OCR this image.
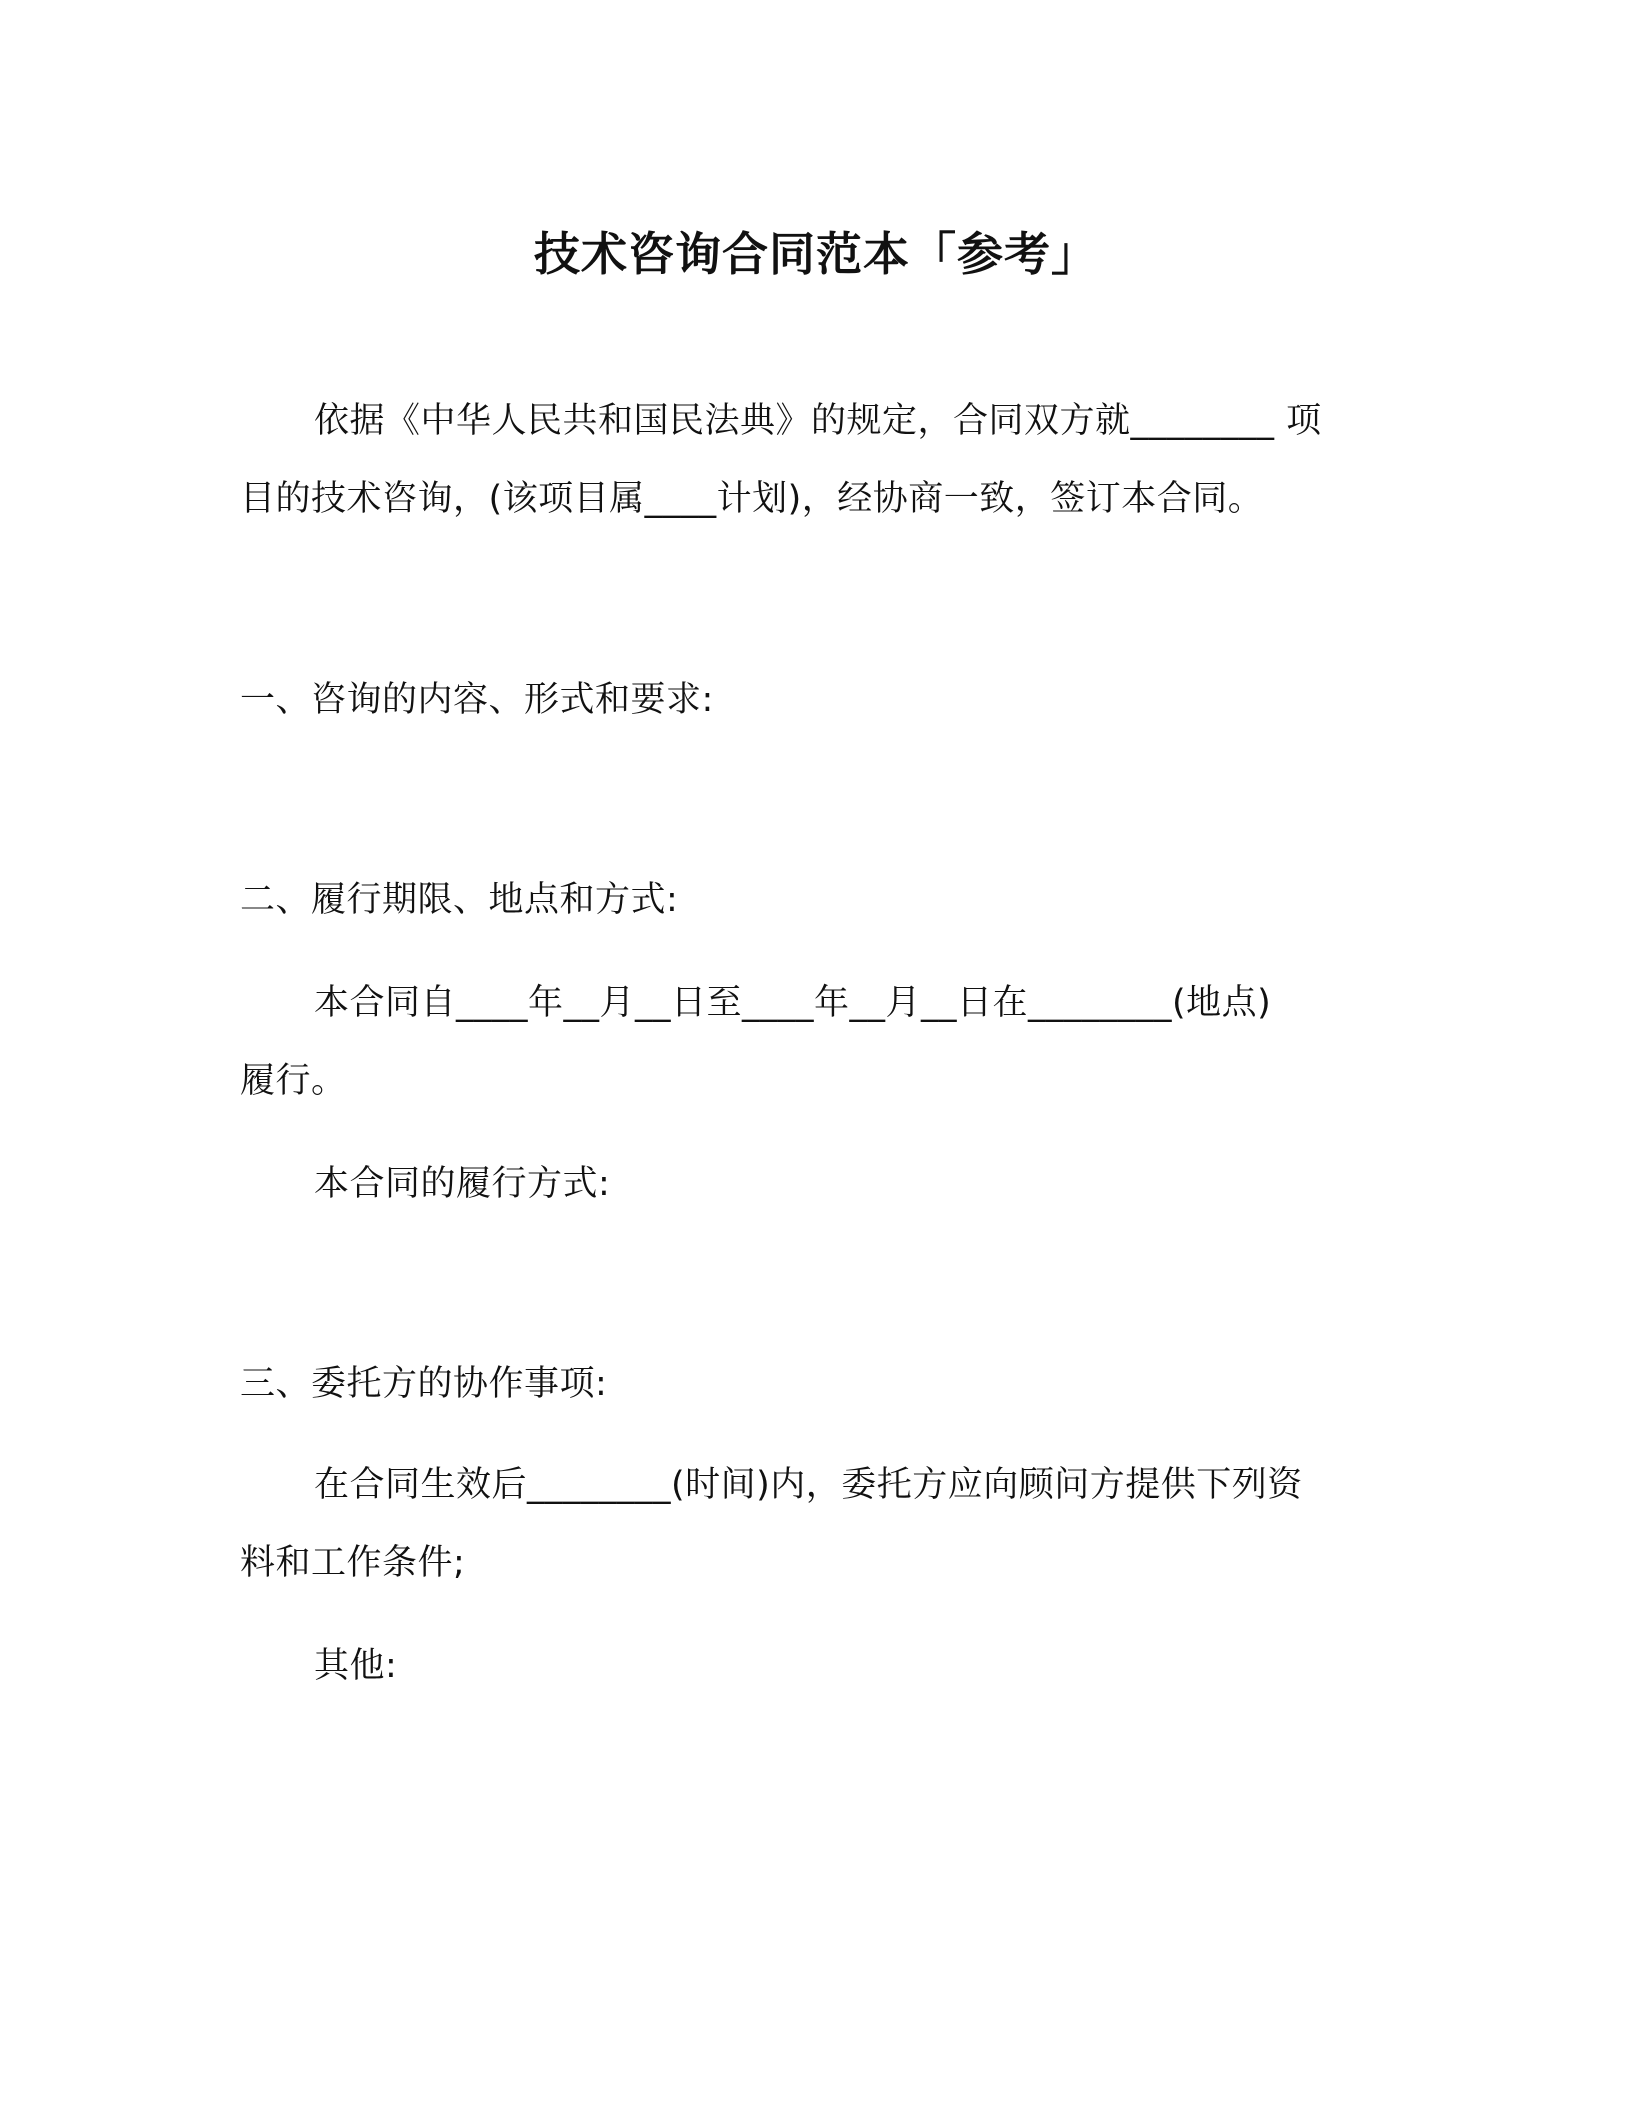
技术咨询合同范本「参考」
依据《中华人民共和国民法典》的规定，合同双方就________ 项
目的技术咨询，(该项目属____计划)，经协商一致，签订本合同。
一、咨询的内容、形式和要求:
二、履行期限、地点和方式:
本合同自____年__月__日至____年__月__日在________(地点)
履行。
本合同的履行方式:
三、委托方的协作事项:
在合同生效后________(时间)内，委托方应向顾问方提供下列资
料和工作条件;
其他:
